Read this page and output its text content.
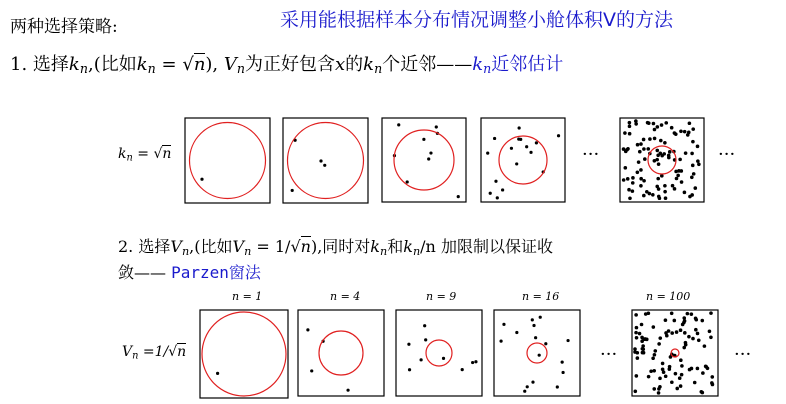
两种选择策略:	采用能根据样本分布情况调整小舱体积V的方法
1. 选择$k_n$,(比如$k_n = √n$), $V_n$为正好包含x的$k_n$个近邻$——k_n$近邻估计
$k_n = √n$
2. 选择$V_n$,(比如$V_n = 1/√n$),同时对$k_n$和$k_n/n$ 加限制以保证收
敛—— Parzen窗法
$V_n =1/√n$
n = 1	n = 4	n = 9	n = 16	n = 100
···	···
···	···
